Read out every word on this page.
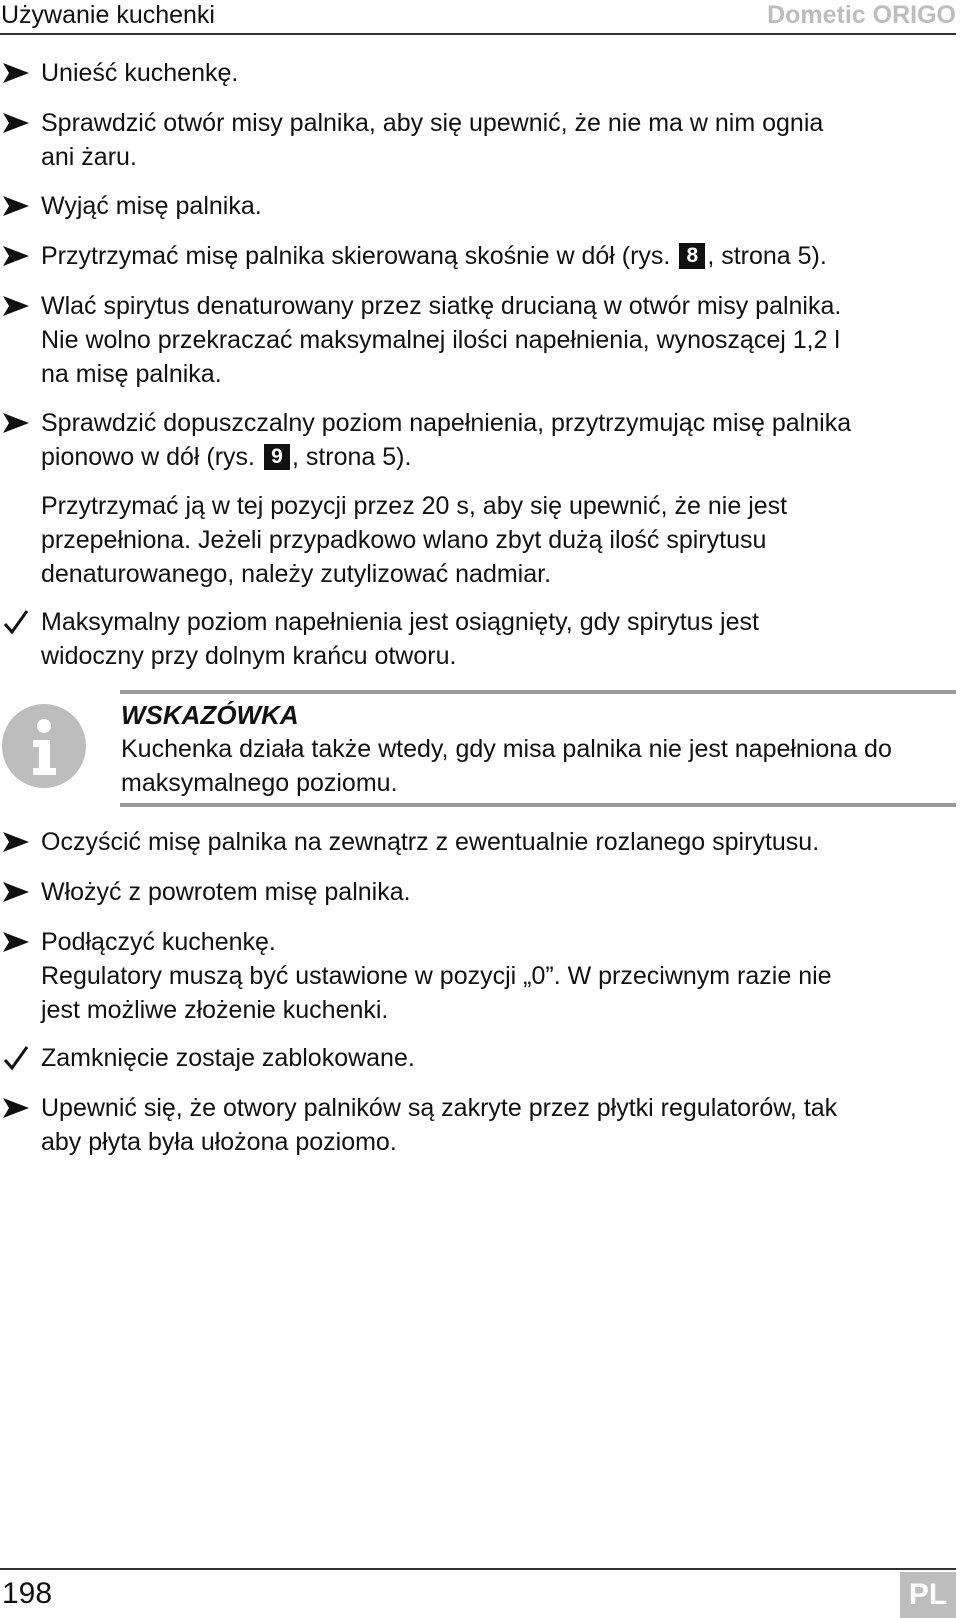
Używanie kuchenki	Dometic ORIGO
Unieść kuchenkę.
Sprawdzić otwór misy palnika, aby się upewnić, że nie ma w nim ognia
ani żaru.
Wyjąć misę palnika.
Przytrzymać misę palnika skierowaną skośnie w dół (rys. 8 , strona 5).
Wlać spirytus denaturowany przez siatkę drucianą w otwór misy palnika.
Nie wolno przekraczać maksymalnej ilości napełnienia, wynoszącej 1,2 l
na misę palnika.
Sprawdzić dopuszczalny poziom napełnienia, przytrzymując misę palnika
pionowo w dół (rys. 9 , strona 5).
Przytrzymać ją w tej pozycji przez 20 s, aby się upewnić, że nie jest
przepełniona. Jeżeli przypadkowo wlano zbyt dużą ilość spirytusu
denaturowanego, należy zutylizować nadmiar.
Maksymalny poziom napełnienia jest osiągnięty, gdy spirytus jest
widoczny przy dolnym krańcu otworu.
WSKAZÓWKA
Kuchenka działa także wtedy, gdy misa palnika nie jest napełniona do maksymalnego poziomu.
Oczyścić misę palnika na zewnątrz z ewentualnie rozlanego spirytusu.
Włożyć z powrotem misę palnika.
Podłączyć kuchenkę.
Regulatory muszą być ustawione w pozycji „0”. W przeciwnym razie nie
jest możliwe złożenie kuchenki.
Zamknięcie zostaje zablokowane.
Upewnić się, że otwory palników są zakryte przez płytki regulatorów, tak
aby płyta była ułożona poziomo.
198	PL
